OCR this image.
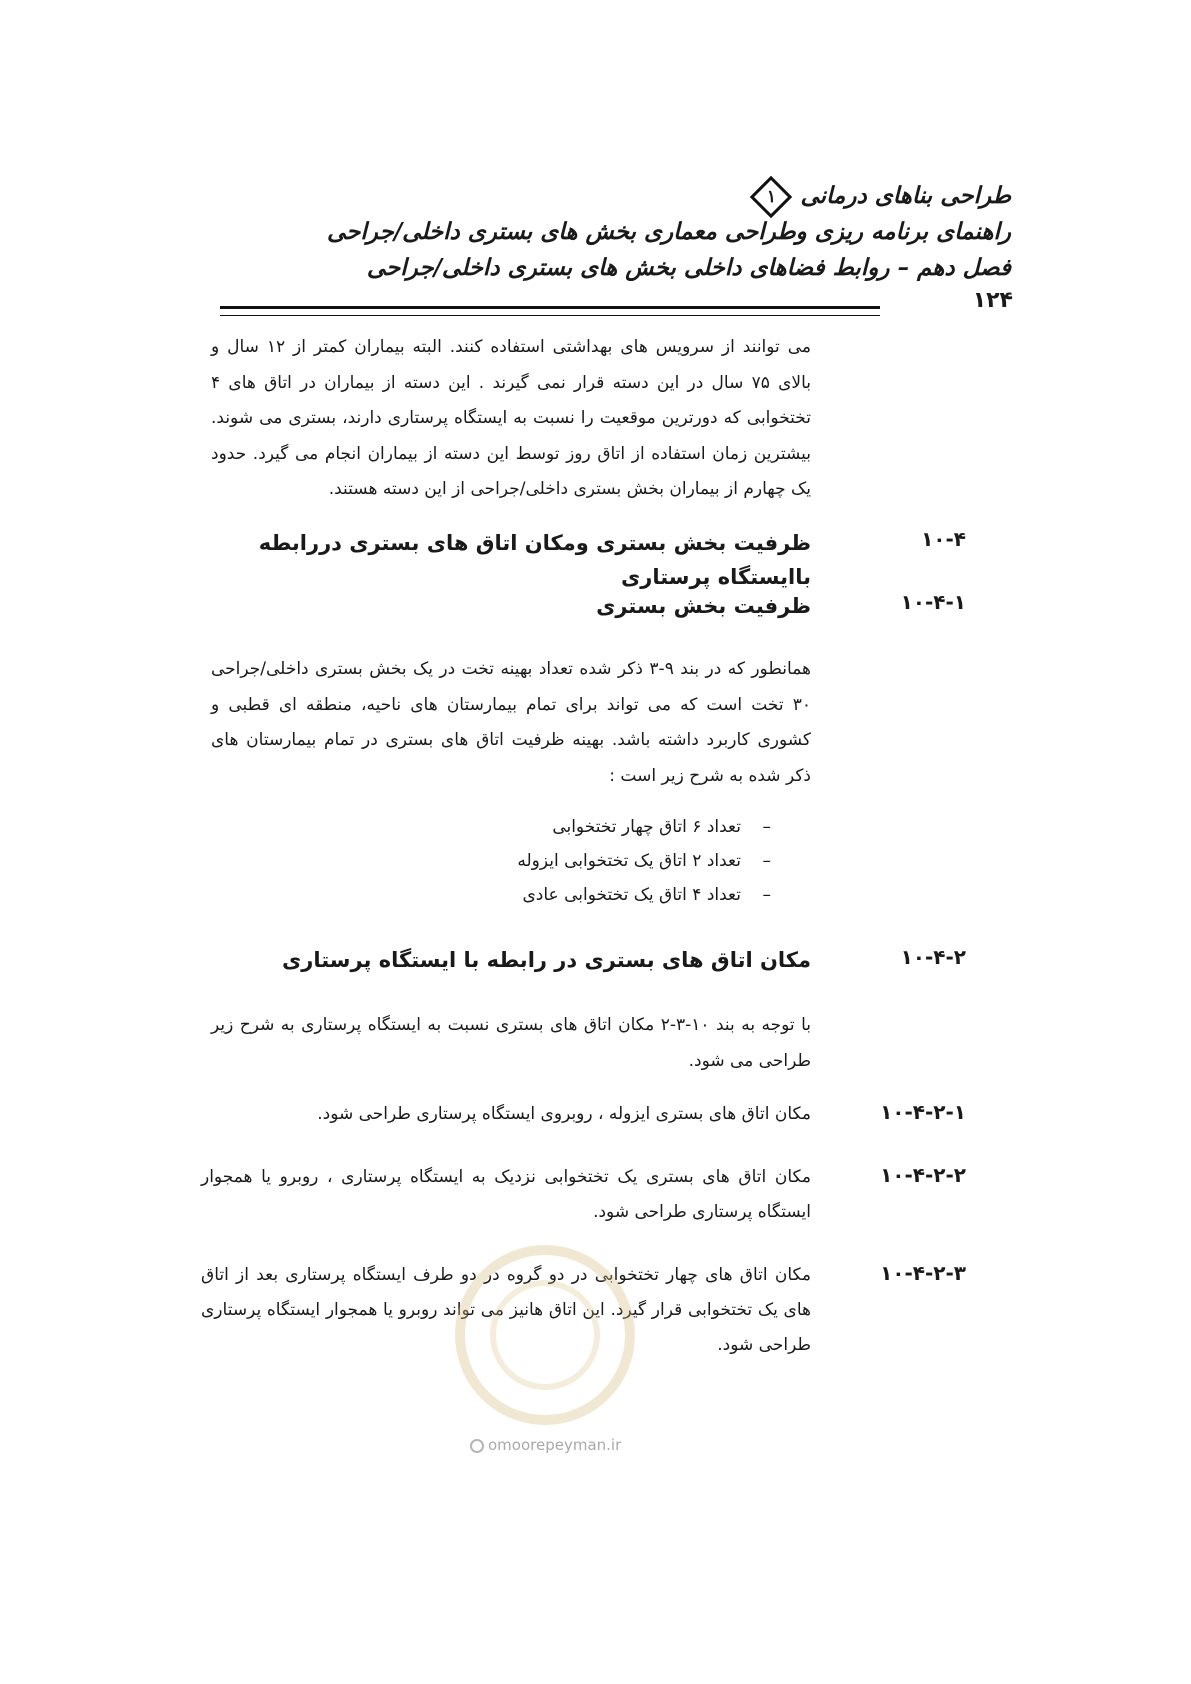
طراحی بناهای درمانی
۱
راهنمای برنامه ریزی وطراحی معماری بخش های بستری داخلی/جراحی
فصل دهم – روابط فضاهای داخلی بخش های بستری داخلی/جراحی
۱۲۴
می توانند از سرویس های بهداشتی استفاده کنند. البته بیماران کمتر از ۱۲ سال و بالای ۷۵ سال در این دسته قرار نمی گیرند . این دسته از بیماران در اتاق های ۴ تختخوابی که دورترین موقعیت را نسبت به ایستگاه پرستاری دارند، بستری می شوند. بیشترین زمان استفاده از اتاق روز توسط این دسته از بیماران انجام می گیرد. حدود یک چهارم از بیماران بخش بستری داخلی/جراحی از این دسته هستند.
۱۰-۴
ظرفیت بخش بستری ومکان اتاق های بستری دررابطه باایستگاه پرستاری
۱۰-۴-۱
ظرفیت بخش بستری
همانطور که در بند ۹-۳ ذکر شده تعداد بهینه تخت در یک بخش بستری داخلی/جراحی ۳۰ تخت است که می تواند برای تمام بیمارستان های ناحیه، منطقه ای قطبی و کشوری کاربرد داشته باشد. بهینه ظرفیت اتاق های بستری در تمام بیمارستان های ذکر شده به شرح زیر است :
–تعداد ۶ اتاق چهار تختخوابی
–تعداد ۲ اتاق یک تختخوابی ایزوله
–تعداد ۴ اتاق یک تختخوابی عادی
۱۰-۴-۲
مکان اتاق های بستری در رابطه با ایستگاه پرستاری
با توجه به بند ۱۰-۳-۲ مکان اتاق های بستری نسبت به ایستگاه پرستاری به شرح زیر طراحی می شود.
۱۰-۴-۲-۱
مکان اتاق های بستری ایزوله ، روبروی ایستگاه پرستاری طراحی شود.
۱۰-۴-۲-۲
مکان اتاق های بستری یک تختخوابی نزدیک به ایستگاه پرستاری ، روبرو یا همجوار ایستگاه پرستاری طراحی شود.
۱۰-۴-۲-۳
مکان اتاق های چهار تختخوابی در دو گروه در دو طرف ایستگاه پرستاری بعد از اتاق های یک تختخوابی قرار گیرد. این اتاق هانیز می تواند روبرو یا همجوار ایستگاه پرستاری طراحی شود.
omoorepeyman.ir
